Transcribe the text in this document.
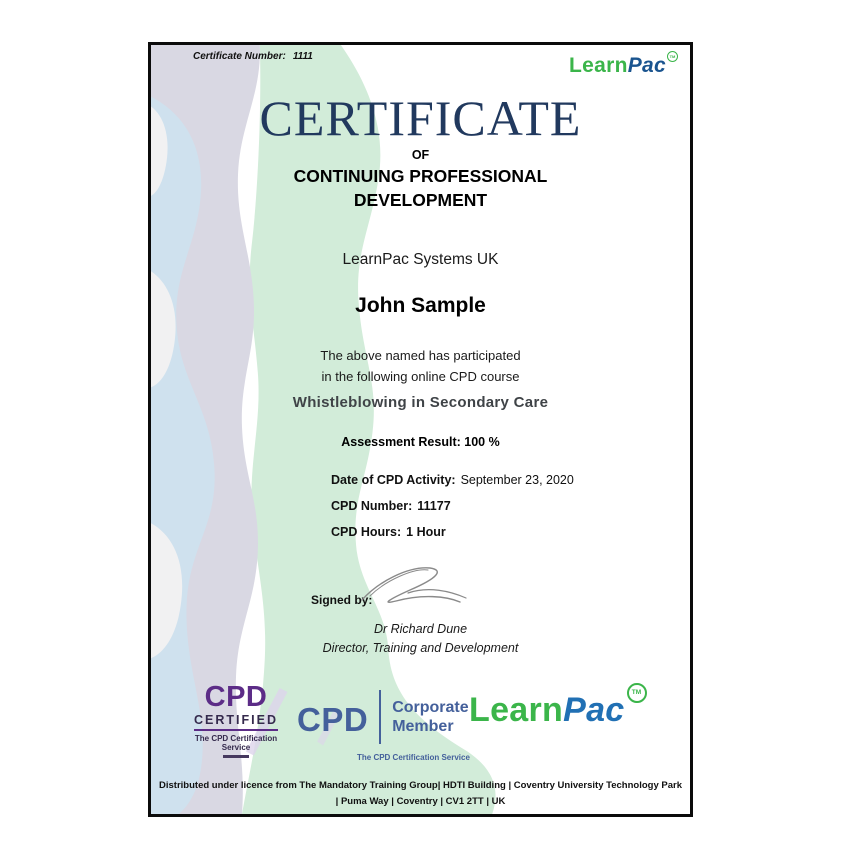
Certificate Number: 1111	Learn Pac TM
CERTIFICATE
OF
CONTINUING PROFESSIONAL
DEVELOPMENT
LearnPac Systems UK
John Sample
The above named has participated
in the following online CPD course
Whistleblowing in Secondary Care
Assessment Result: 100 %
Date of CPD Activity: September 23, 2020
CPD Number: 11177
CPD Hours: 1 Hour
Signed by:
Dr Richard Dune
Director, Training and Development
CPD
CERTIFIED
The CPD Certification
Service
CPD Corporate
Member
The CPD Certification Service
Learn Pac	TM
Distributed under licence from The Mandatory Training Group| HDTI Building | Coventry University Technology Park
| Puma Way | Coventry | CV1 2TT | UK
